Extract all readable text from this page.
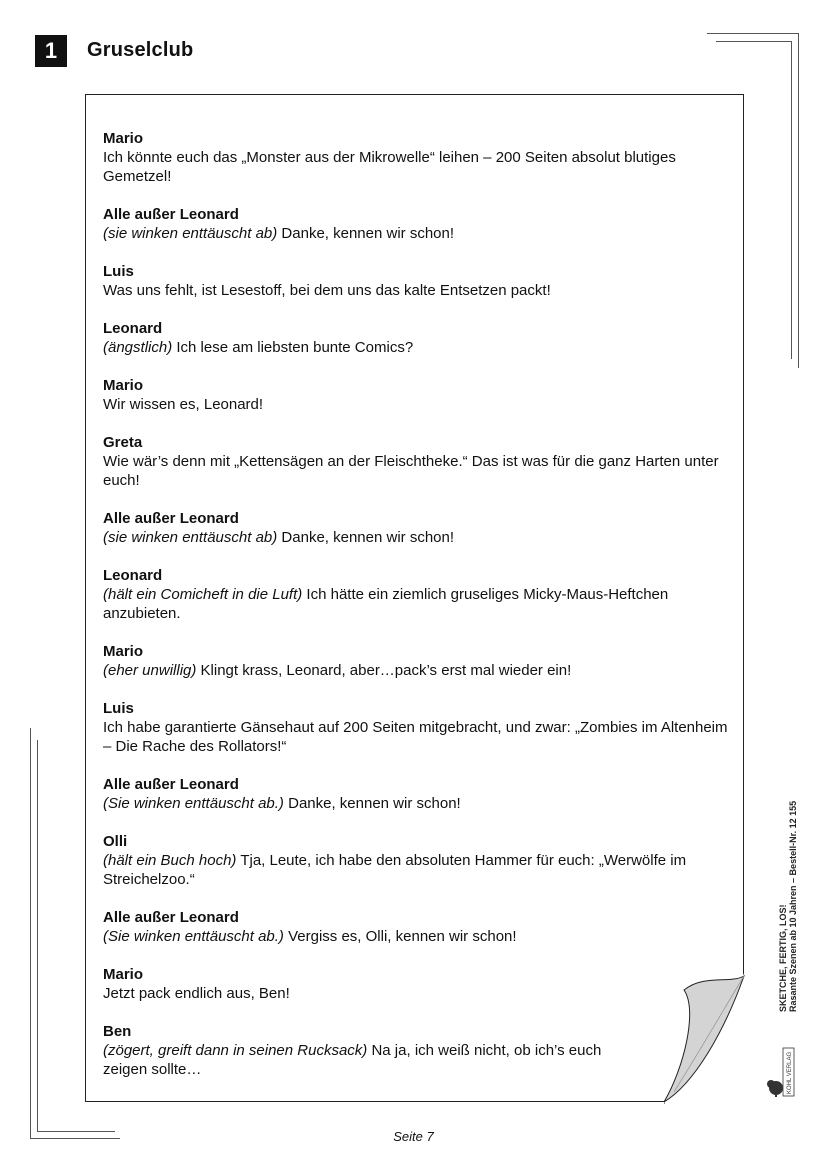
1	Gruselclub
Mario
Ich könnte euch das „Monster aus der Mikrowelle“ leihen – 200 Seiten absolut blutiges Gemetzel!
Alle außer Leonard
(sie winken enttäuscht ab) Danke, kennen wir schon!
Luis
Was uns fehlt, ist Lesestoff, bei dem uns das kalte Entsetzen packt!
Leonard
(ängstlich) Ich lese am liebsten bunte Comics?
Mario
Wir wissen es, Leonard!
Greta
Wie wär’s denn mit „Kettensägen an der Fleischtheke.“ Das ist was für die ganz Harten unter euch!
Alle außer Leonard
(sie winken enttäuscht ab) Danke, kennen wir schon!
Leonard
(hält ein Comicheft in die Luft) Ich hätte ein ziemlich gruseliges Micky-Maus-Heftchen anzubieten.
Mario
(eher unwillig) Klingt krass, Leonard, aber…pack’s erst mal wieder ein!
Luis
Ich habe garantierte Gänsehaut auf 200 Seiten mitgebracht, und zwar: „Zombies im Altenheim – Die Rache des Rollators!“
Alle außer Leonard
(Sie winken enttäuscht ab.) Danke, kennen wir schon!
Olli
(hält ein Buch hoch) Tja, Leute, ich habe den absoluten Hammer für euch: „Werwölfe im Streichelzoo.“
Alle außer Leonard
(Sie winken enttäuscht ab.) Vergiss es, Olli, kennen wir schon!
Mario
Jetzt pack endlich aus, Ben!
Ben
(zögert, greift dann in seinen Rucksack) Na ja, ich weiß nicht, ob ich’s euch zeigen sollte…
SKETCHE, FERTIG, LOS! Rasante Szenen ab 10 Jahren – Bestell-Nr. 12 155
KOHL VERLAG
Seite 7
